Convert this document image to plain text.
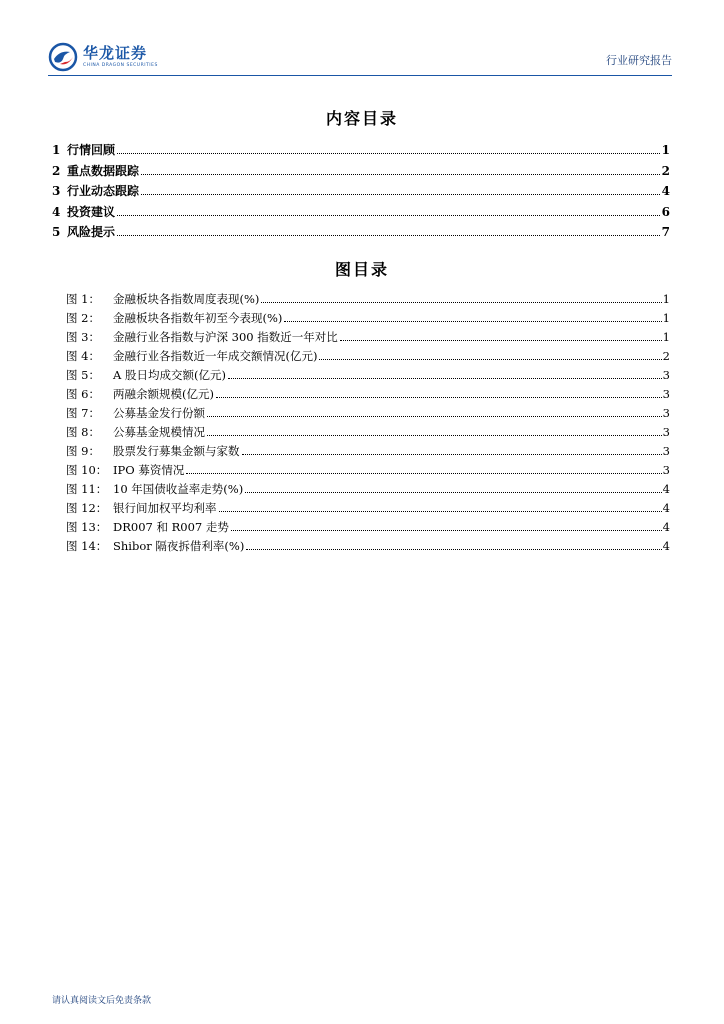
华龙证券
CHINA DRAGON SECURITIES	行业研究报告
内容目录
1 行情回顾	1
2 重点数据跟踪	2
3 行业动态跟踪	4
4 投资建议	6
5 风险提示	7
图目录
图 1：	金融板块各指数周度表现(%)	1
图 2：	金融板块各指数年初至今表现(%)	1
图 3：	金融行业各指数与沪深 300 指数近一年对比	1
图 4：	金融行业各指数近一年成交额情况(亿元)	2
图 5：	A 股日均成交额(亿元)	3
图 6：	两融余额规模(亿元)	3
图 7：	公募基金发行份额	3
图 8：	公募基金规模情况	3
图 9：	股票发行募集金额与家数	3
图 10： IPO 募资情况	3
图 11： 10 年国债收益率走势(%)	4
图 12： 银行间加权平均利率	4
图 13： DR007 和 R007 走势	4
图 14： Shibor 隔夜拆借利率(%)	4
请认真阅读文后免责条款
